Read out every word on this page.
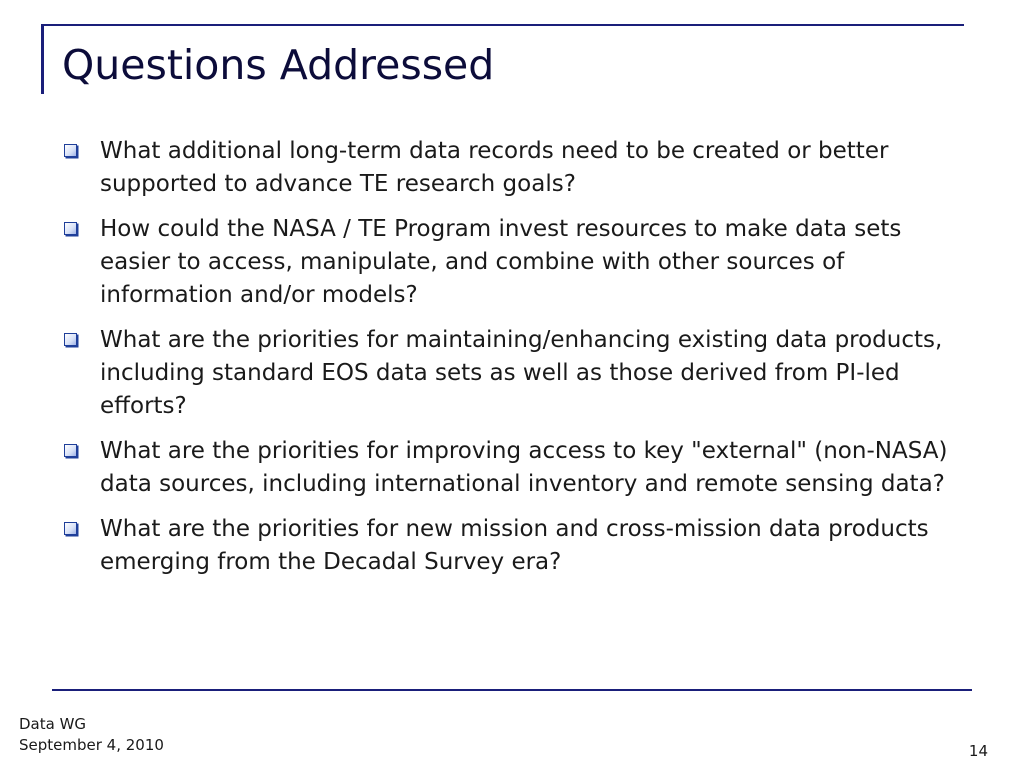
Questions Addressed
What additional long-term data records need to be created or better supported to advance TE research goals?
How could the NASA / TE Program invest resources to make data sets easier to access, manipulate, and combine with other sources of information and/or models?
What are the priorities for maintaining/enhancing existing data products, including standard EOS data sets as well as those derived from PI-led efforts?
What are the priorities for improving access to key "external" (non-NASA) data sources, including international inventory and remote sensing data?
What are the priorities for new mission and cross-mission data products emerging from the Decadal Survey era?
Data WG
September 4, 2010	14
